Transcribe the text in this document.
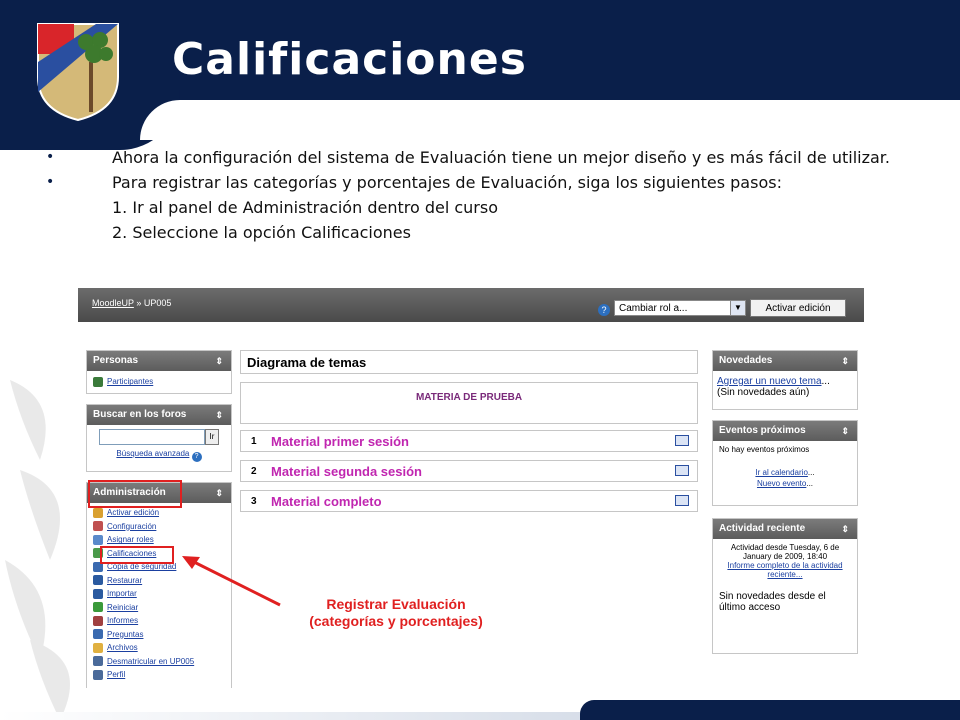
Calificaciones
•	Ahora la configuración del sistema de Evaluación tiene un mejor diseño y es más fácil de utilizar.
•	Para registrar las categorías y porcentajes de Evaluación, siga los siguientes pasos:
1. Ir al panel de Administración dentro del curso
2. Seleccione la opción Calificaciones
MoodleUP » UP005
?	Cambiar rol a...	▼	Activar edición
Personas	⇕
Participantes
Buscar en los foros	⇕
Ir
Búsqueda avanzada ?
Administración	⇕
Activar edición
Configuración
Asignar roles
Calificaciones
Copia de seguridad
Restaurar
Importar
Reiniciar
Informes
Preguntas
Archivos
Desmatricular en UP005
Perfil
Diagrama de temas
MATERIA DE PRUEBA
1 Material primer sesión
2 Material segunda sesión
3 Material completo
Novedades	⇕
Agregar un nuevo tema...
(Sin novedades aún)
Eventos próximos	⇕
No hay eventos próximos
Ir al calendario...
Nuevo evento...
Actividad reciente	⇕
Actividad desde Tuesday, 6 de January de 2009, 18:40
Informe completo de la actividad reciente...
Sin novedades desde el último acceso
Registrar Evaluación
(categorías y porcentajes)
